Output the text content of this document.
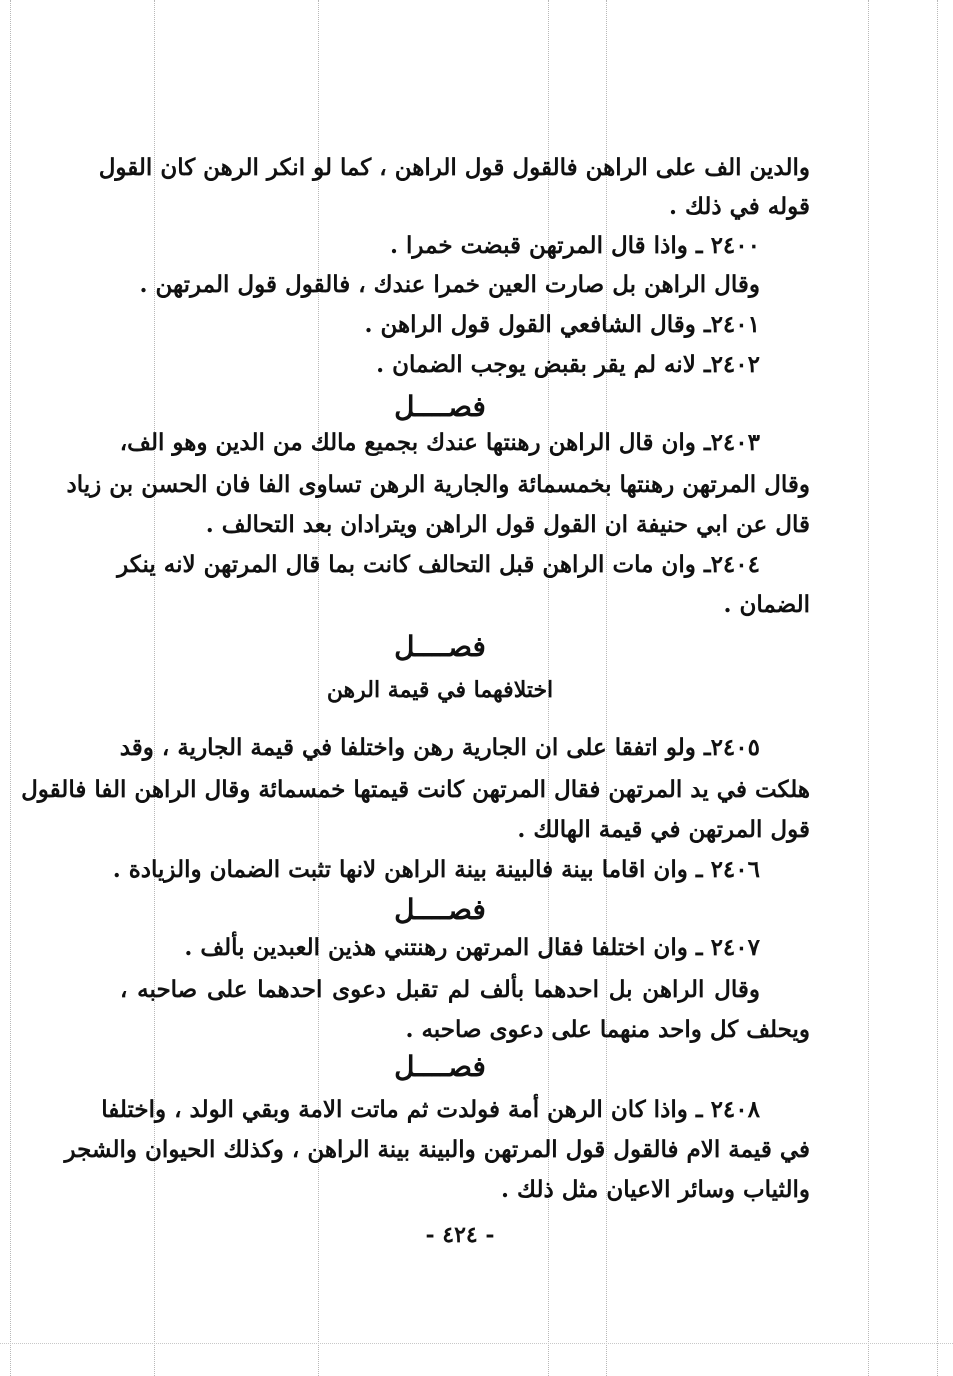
والدين الف على الراهن فالقول قول الراهن ، كما لو انكر الرهن كان القول
قوله في ذلك .
٢٤٠٠ ـ واذا قال المرتهن قبضت خمرا .
وقال الراهن بل صارت العين خمرا عندك ، فالقول قول المرتهن .
٢٤٠١ـ وقال الشافعي القول قول الراهن .
٢٤٠٢ـ لانه لم يقر بقبض يوجب الضمان .
فصــــل
٢٤٠٣ـ وان قال الراهن رهنتها عندك بجميع مالك من الدين وهو الف،
وقال المرتهن رهنتها بخمسمائة والجارية الرهن تساوى الفا فان الحسن بن زياد
قال عن ابي حنيفة ان القول قول الراهن ويترادان بعد التحالف .
٢٤٠٤ـ وان مات الراهن قبل التحالف كانت بما قال المرتهن لانه ينكر
الضمان .
فصــــل
اختلافهما في قيمة الرهن
٢٤٠٥ـ ولو اتفقا على ان الجارية رهن واختلفا في قيمة الجارية ، وقد
هلكت في يد المرتهن فقال المرتهن كانت قيمتها خمسمائة وقال الراهن الفا فالقول
قول المرتهن في قيمة الهالك .
٢٤٠٦ ـ وان اقاما بينة فالبينة بينة الراهن لانها تثبت الضمان والزيادة .
فصــــل
٢٤٠٧ ـ وان اختلفا فقال المرتهن رهنتني هذين العبدين بألف .
وقال الراهن بل احدهما بألف لم تقبل دعوى احدهما على صاحبه ،
ويحلف كل واحد منهما على دعوى صاحبه .
فصــــل
٢٤٠٨ ـ واذا كان الرهن أمة فولدت ثم ماتت الامة وبقي الولد ، واختلفا
في قيمة الام فالقول قول المرتهن والبينة بينة الراهن ، وكذلك الحيوان والشجر
والثياب وسائر الاعيان مثل ذلك .
- ٤٢٤ -
